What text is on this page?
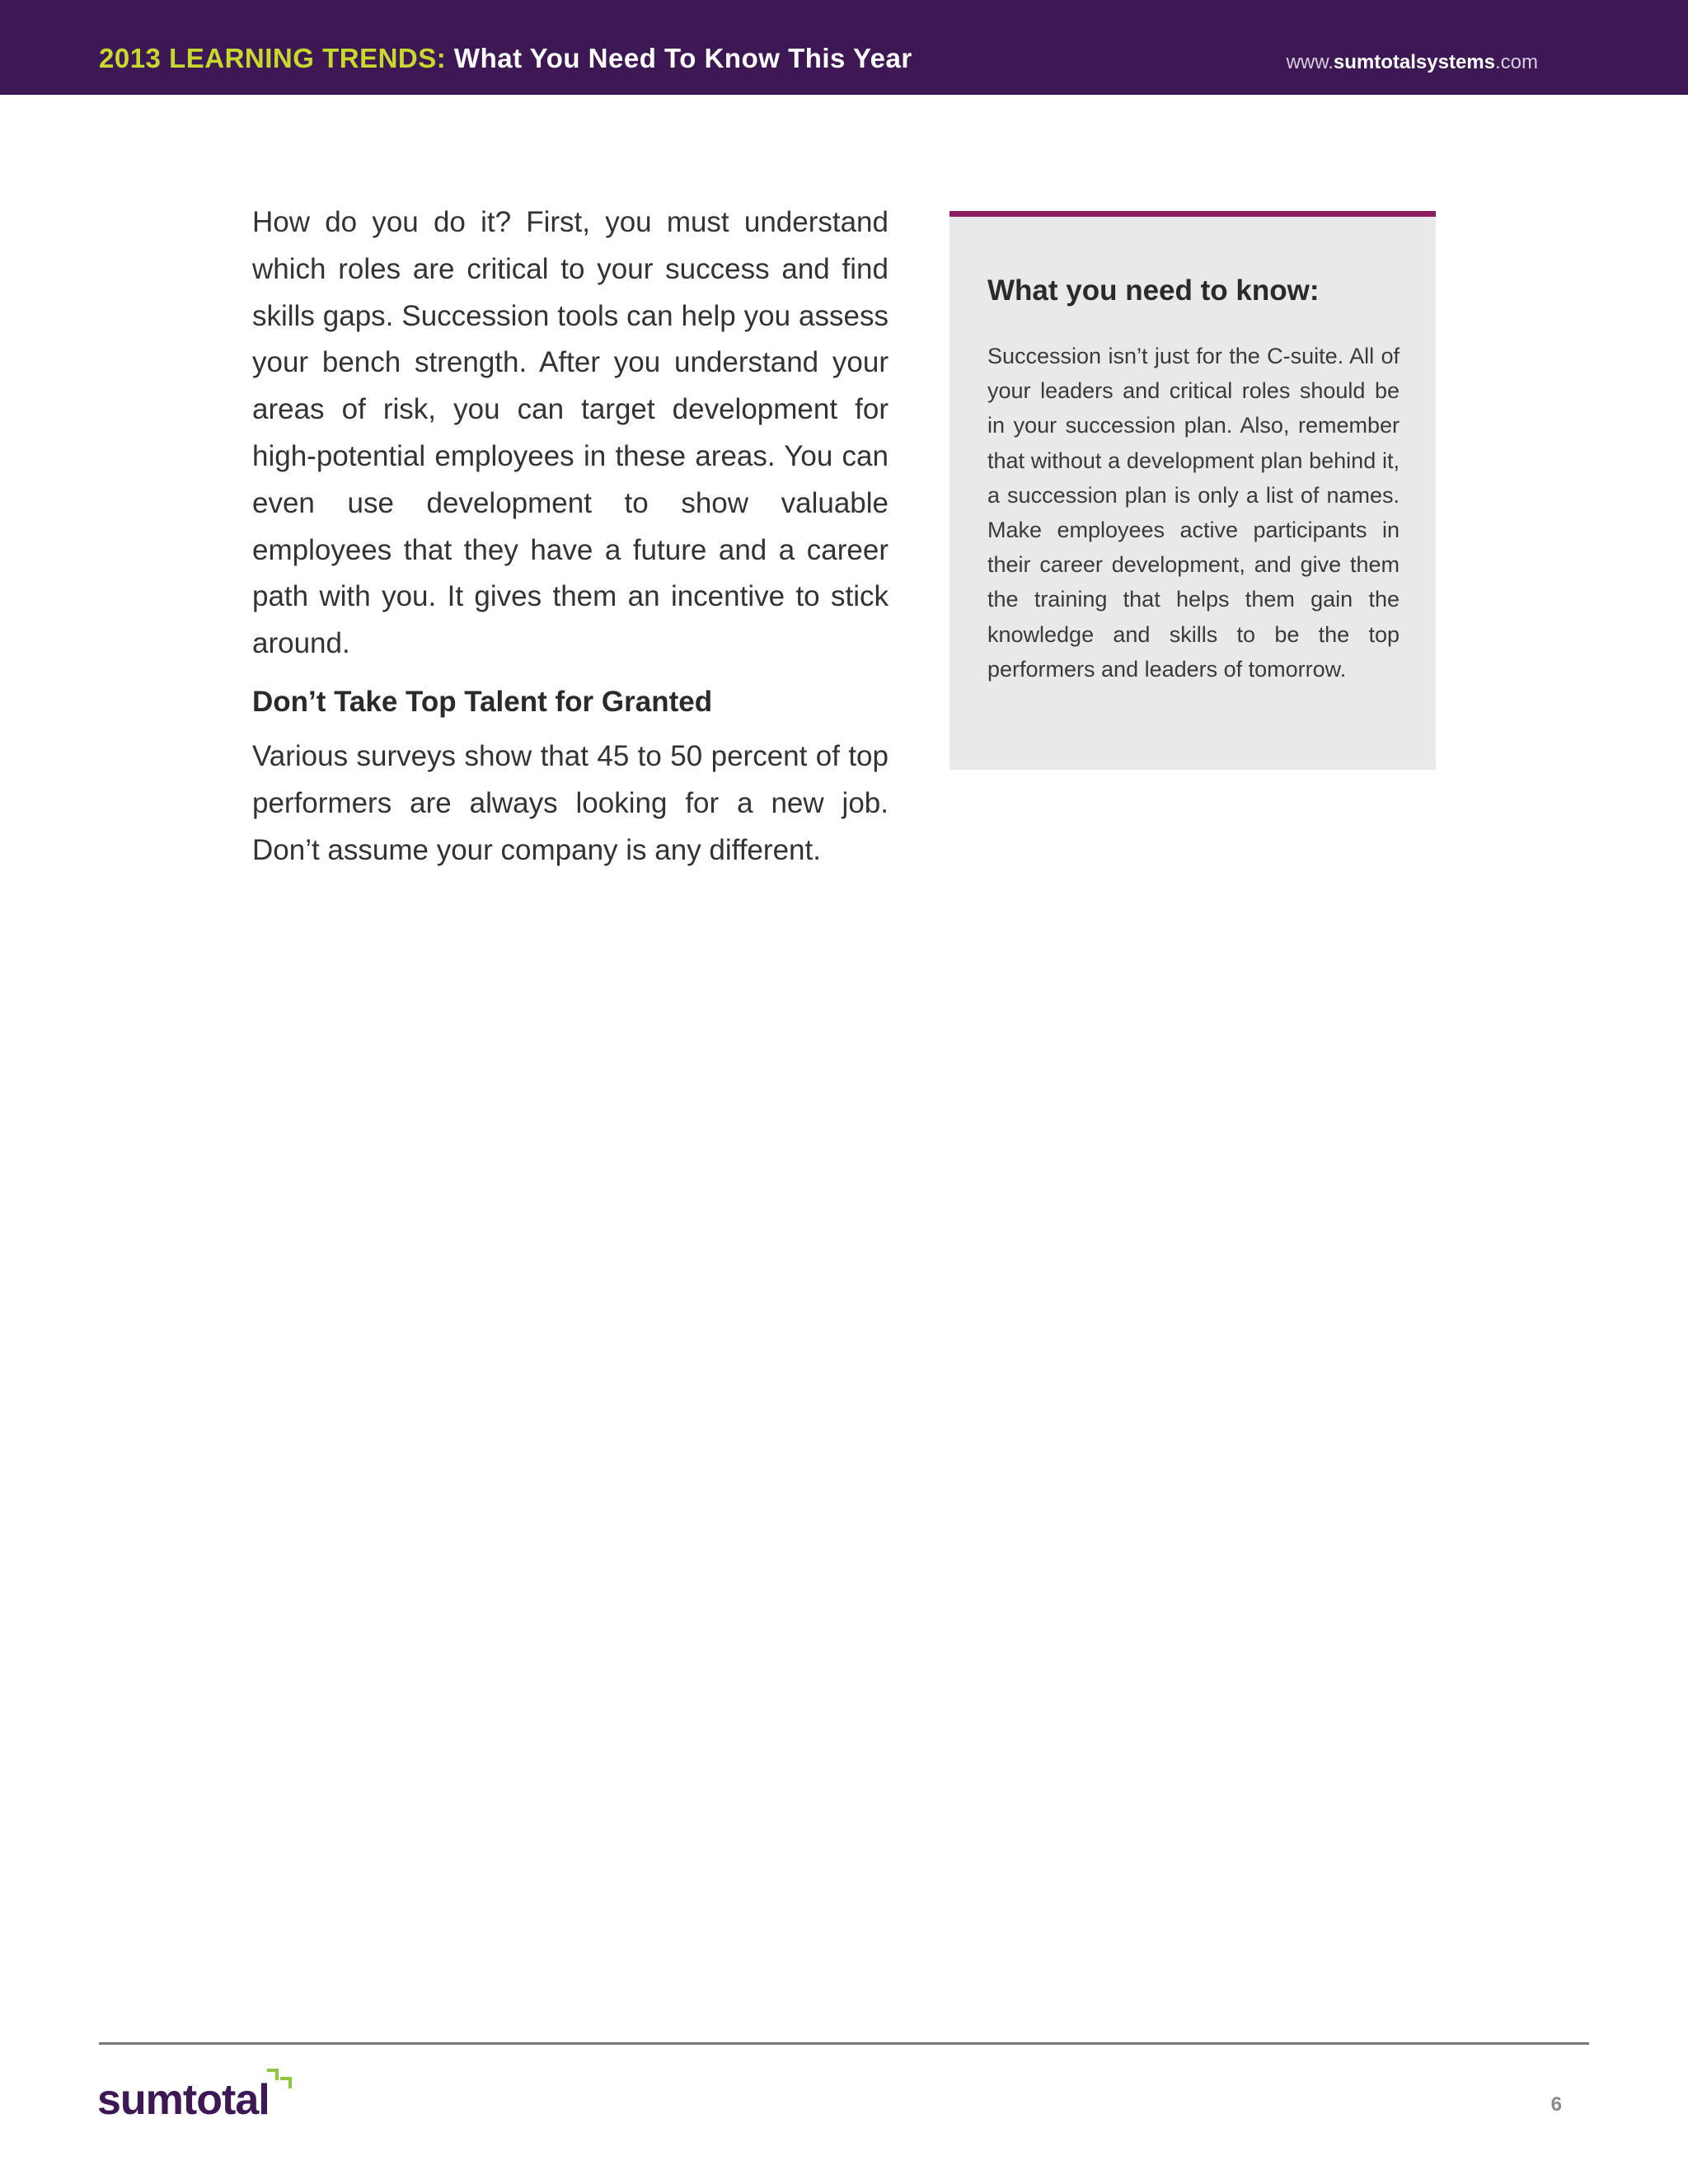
2013 LEARNING TRENDS: What You Need To Know This Year	www.sumtotalsystems.com

How do you do it? First, you must understand which roles are critical to your success and find skills gaps. Succession tools can help you assess your bench strength. After you understand your areas of risk, you can target development for high-potential employees in these areas. You can even use development to show valuable employees that they have a future and a career path with you. It gives them an incentive to stick around.

Don’t Take Top Talent for Granted

Various surveys show that 45 to 50 percent of top performers are always looking for a new job. Don’t assume your company is any different.

What you need to know:

Succession isn’t just for the C-suite. All of your leaders and critical roles should be in your succession plan. Also, remember that without a development plan behind it, a succession plan is only a list of names. Make employees active participants in their career development, and give them the training that helps them gain the knowledge and skills to be the top performers and leaders of tomorrow.

sumtotal	6
